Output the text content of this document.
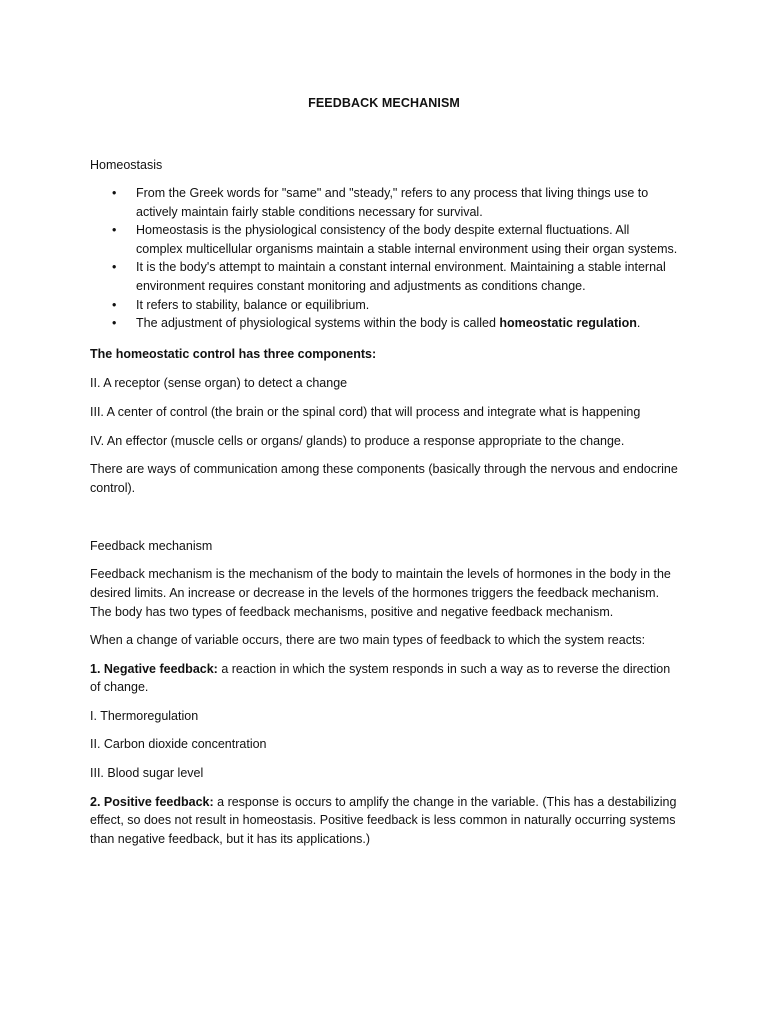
FEEDBACK MECHANISM

Homeostasis

• From the Greek words for "same" and "steady," refers to any process that living things use to actively maintain fairly stable conditions necessary for survival.
• Homeostasis is the physiological consistency of the body despite external fluctuations. All complex multicellular organisms maintain a stable internal environment using their organ systems.
• It is the body's attempt to maintain a constant internal environment. Maintaining a stable internal environment requires constant monitoring and adjustments as conditions change.
• It refers to stability, balance or equilibrium.
• The adjustment of physiological systems within the body is called homeostatic regulation.

The homeostatic control has three components:

II. A receptor (sense organ) to detect a change

III. A center of control (the brain or the spinal cord) that will process and integrate what is happening

IV. An effector (muscle cells or organs/ glands) to produce a response appropriate to the change.

There are ways of communication among these components (basically through the nervous and endocrine control).

Feedback mechanism

Feedback mechanism is the mechanism of the body to maintain the levels of hormones in the body in the desired limits. An increase or decrease in the levels of the hormones triggers the feedback mechanism. The body has two types of feedback mechanisms, positive and negative feedback mechanism.

When a change of variable occurs, there are two main types of feedback to which the system reacts:

1. Negative feedback: a reaction in which the system responds in such a way as to reverse the direction of change.

I. Thermoregulation

II. Carbon dioxide concentration

III. Blood sugar level

2. Positive feedback: a response is occurs to amplify the change in the variable. (This has a destabilizing effect, so does not result in homeostasis. Positive feedback is less common in naturally occurring systems than negative feedback, but it has its applications.)
